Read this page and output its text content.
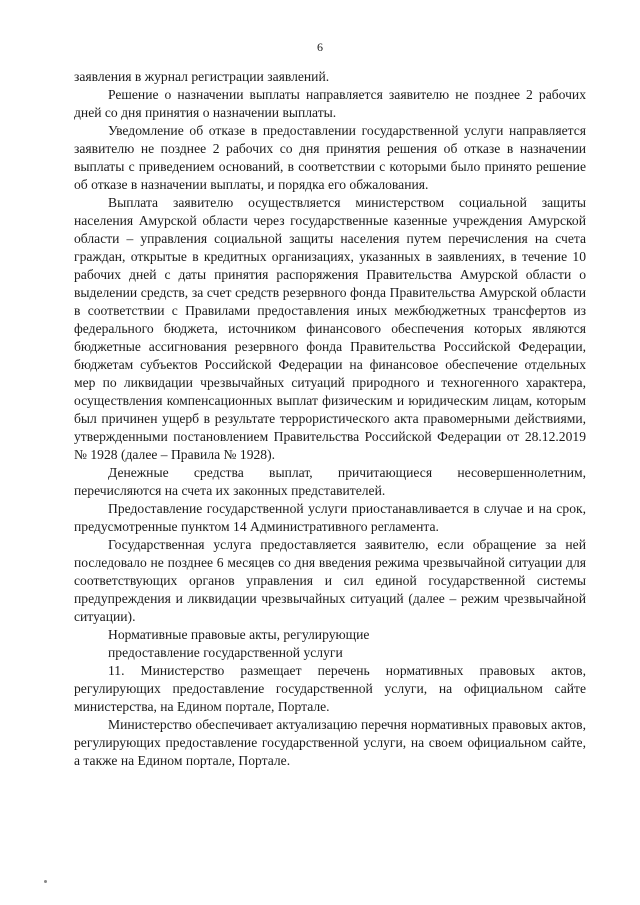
6

заявления в журнал регистрации заявлений.

Решение о назначении выплаты направляется заявителю не позднее 2 рабочих дней со дня принятия о назначении выплаты.

Уведомление об отказе в предоставлении государственной услуги направляется заявителю не позднее 2 рабочих со дня принятия решения об отказе в назначении выплаты с приведением оснований, в соответствии с которыми было принято решение об отказе в назначении выплаты, и порядка его обжалования.

Выплата заявителю осуществляется министерством социальной защиты населения Амурской области через государственные казенные учреждения Амурской области – управления социальной защиты населения путем перечисления на счета граждан, открытые в кредитных организациях, указанных в заявлениях, в течение 10 рабочих дней с даты принятия распоряжения Правительства Амурской области о выделении средств, за счет средств резервного фонда Правительства Амурской области в соответствии с Правилами предоставления иных межбюджетных трансфертов из федерального бюджета, источником финансового обеспечения которых являются бюджетные ассигнования резервного фонда Правительства Российской Федерации, бюджетам субъектов Российской Федерации на финансовое обеспечение отдельных мер по ликвидации чрезвычайных ситуаций природного и техногенного характера, осуществления компенсационных выплат физическим и юридическим лицам, которым был причинен ущерб в результате террористического акта правомерными действиями, утвержденными постановлением Правительства Российской Федерации от 28.12.2019 № 1928 (далее – Правила № 1928).

Денежные средства выплат, причитающиеся несовершеннолетним, перечисляются на счета их законных представителей.

Предоставление государственной услуги приостанавливается в случае и на срок, предусмотренные пунктом 14 Административного регламента.

Государственная услуга предоставляется заявителю, если обращение за ней последовало не позднее 6 месяцев со дня введения режима чрезвычайной ситуации для соответствующих органов управления и сил единой государственной системы предупреждения и ликвидации чрезвычайных ситуаций (далее – режим чрезвычайной ситуации).

Нормативные правовые акты, регулирующие
предоставление государственной услуги

11. Министерство размещает перечень нормативных правовых актов, регулирующих предоставление государственной услуги, на официальном сайте министерства, на Едином портале, Портале.

Министерство обеспечивает актуализацию перечня нормативных правовых актов, регулирующих предоставление государственной услуги, на своем официальном сайте, а также на Едином портале, Портале.
